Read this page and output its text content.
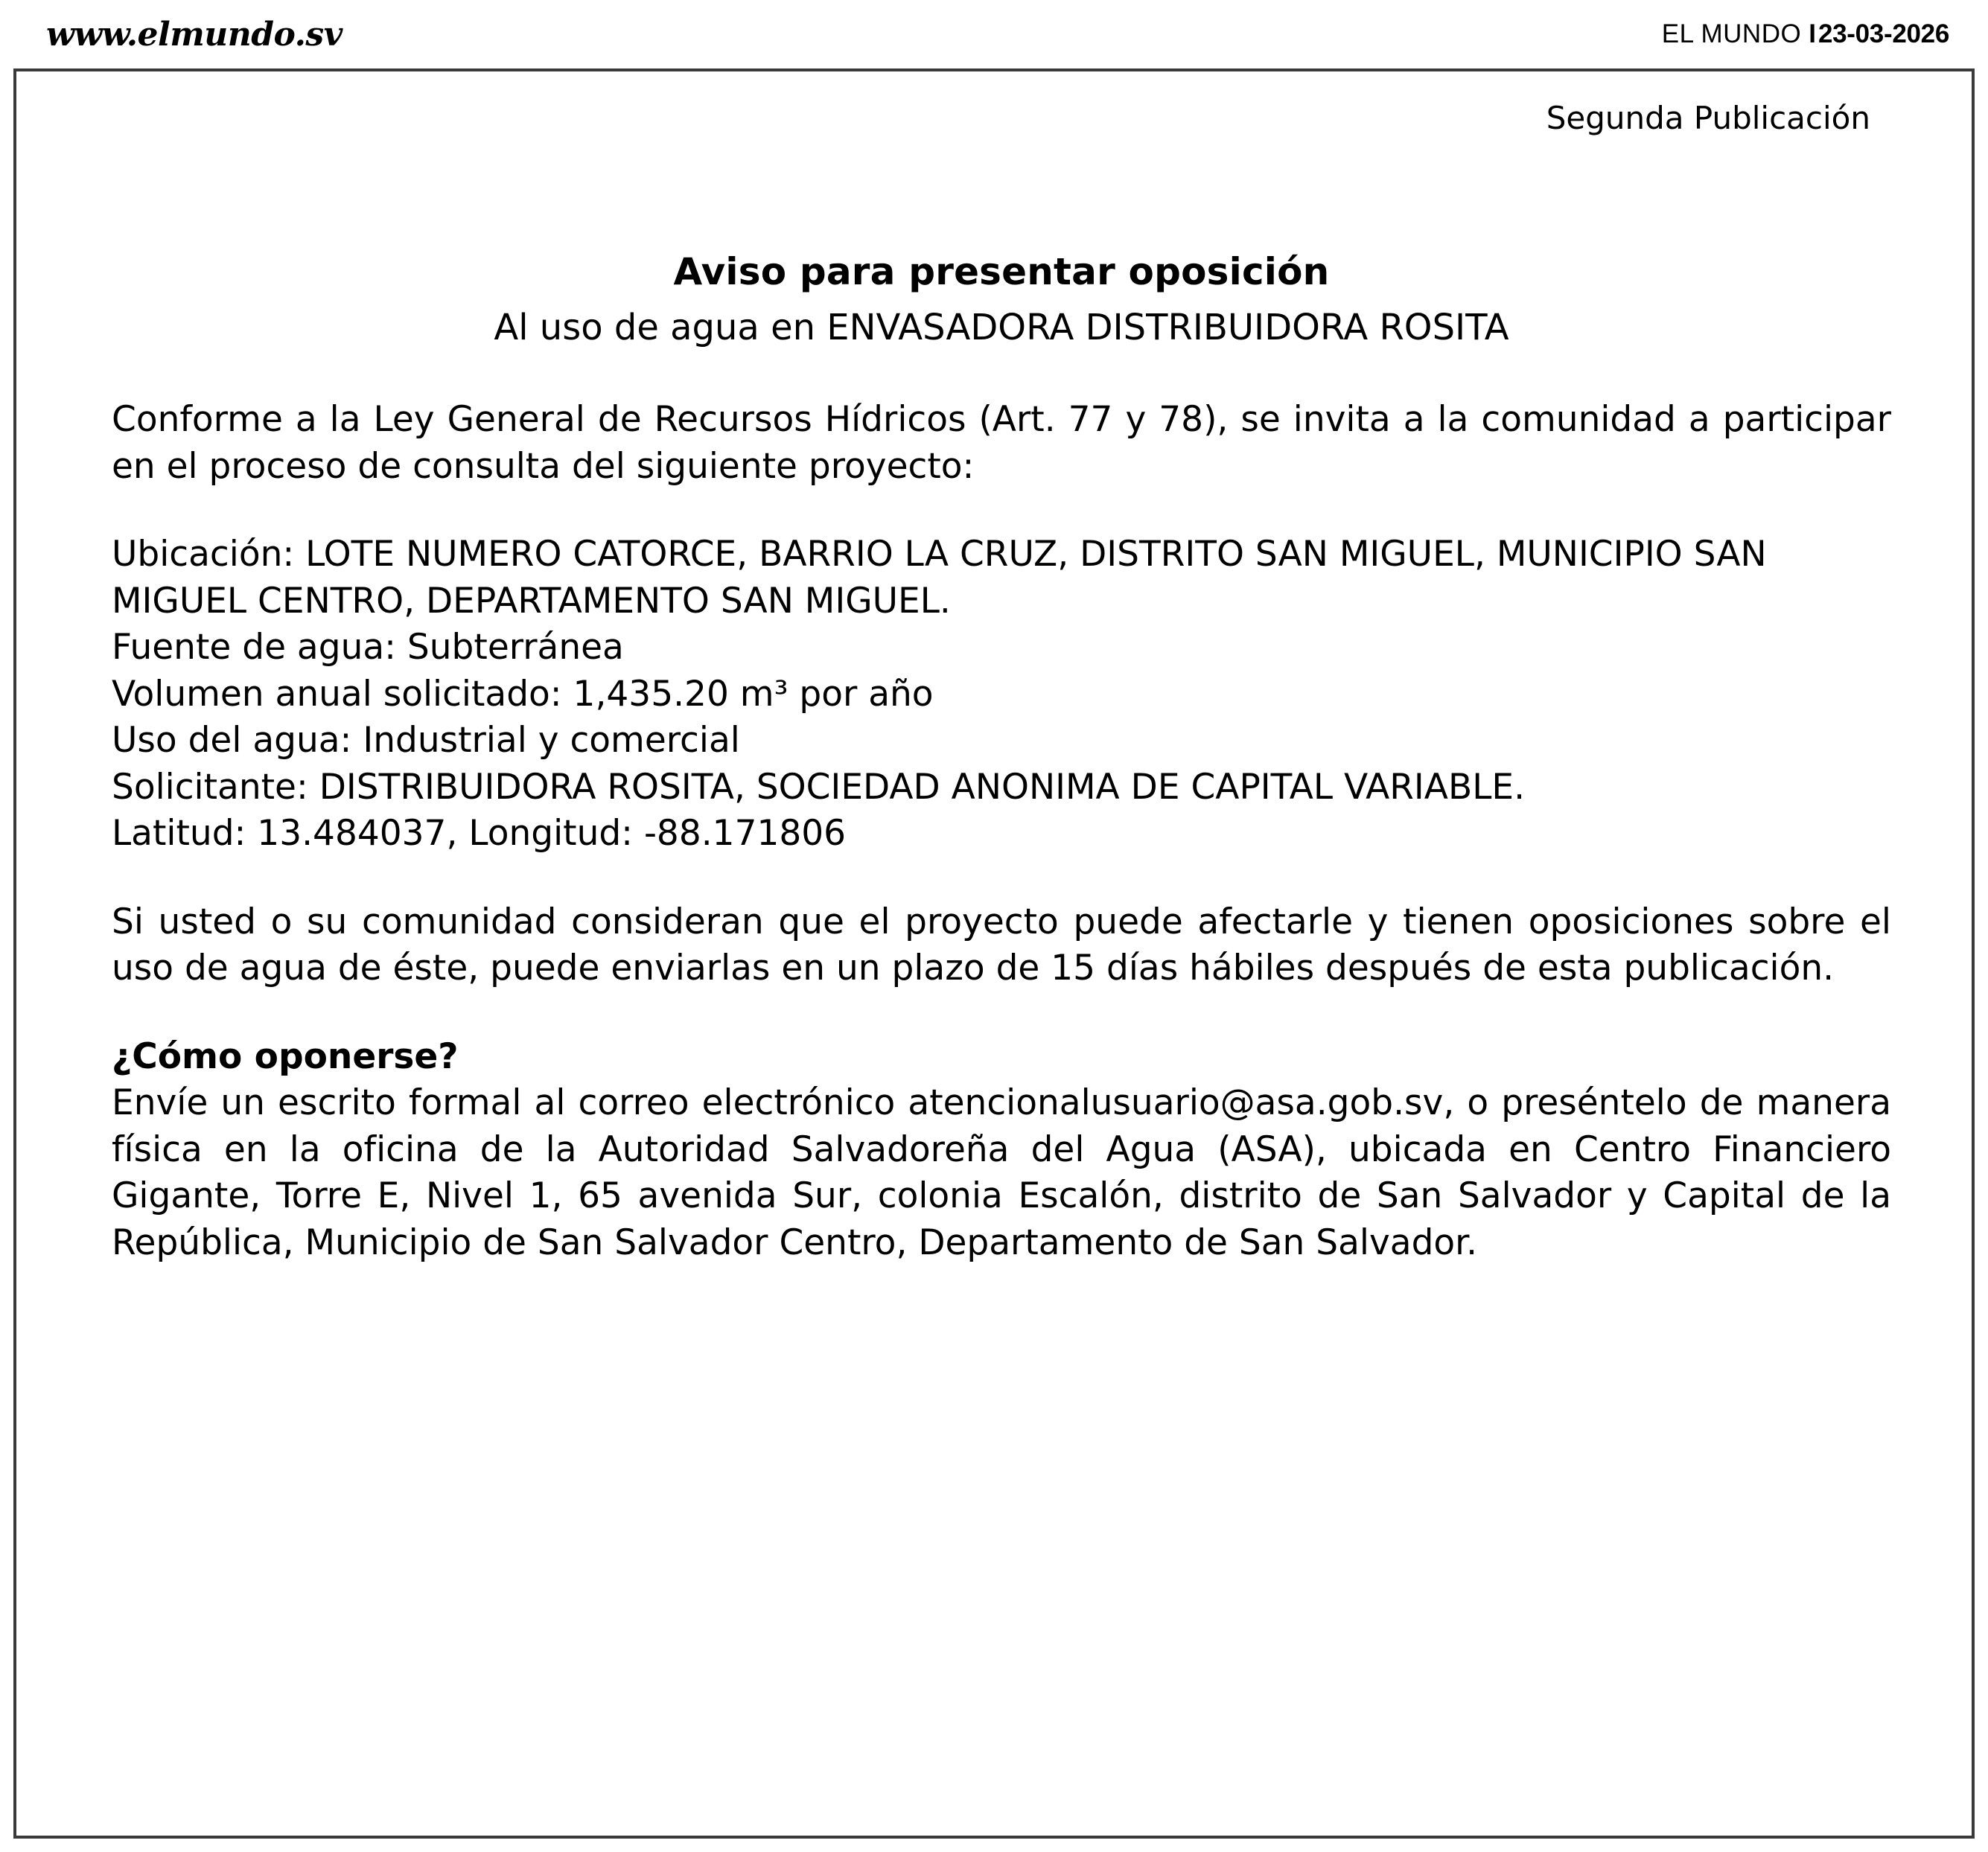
www.elmundo.sv	EL MUNDO I 23-03-2026
Segunda Publicación
Aviso para presentar oposición
Al uso de agua en ENVASADORA DISTRIBUIDORA ROSITA

Conforme a la Ley General de Recursos Hídricos (Art. 77 y 78), se invita a la comunidad a participar en el proceso de consulta del siguiente proyecto:

Ubicación: LOTE NUMERO CATORCE, BARRIO LA CRUZ, DISTRITO SAN MIGUEL, MUNICIPIO SAN MIGUEL CENTRO, DEPARTAMENTO SAN MIGUEL.
Fuente de agua: Subterránea
Volumen anual solicitado: 1,435.20 m³ por año
Uso del agua: Industrial y comercial
Solicitante: DISTRIBUIDORA ROSITA, SOCIEDAD ANONIMA DE CAPITAL VARIABLE.
Latitud: 13.484037, Longitud: -88.171806

Si usted o su comunidad consideran que el proyecto puede afectarle y tienen oposiciones sobre el uso de agua de éste, puede enviarlas en un plazo de 15 días hábiles después de esta publicación.

¿Cómo oponerse?

Envíe un escrito formal al correo electrónico atencionalusuario@asa.gob.sv, o preséntelo de manera física en la oficina de la Autoridad Salvadoreña del Agua (ASA), ubicada en Centro Financiero Gigante, Torre E, Nivel 1, 65 avenida Sur, colonia Escalón, distrito de San Salvador y Capital de la República, Municipio de San Salvador Centro, Departamento de San Salvador.
